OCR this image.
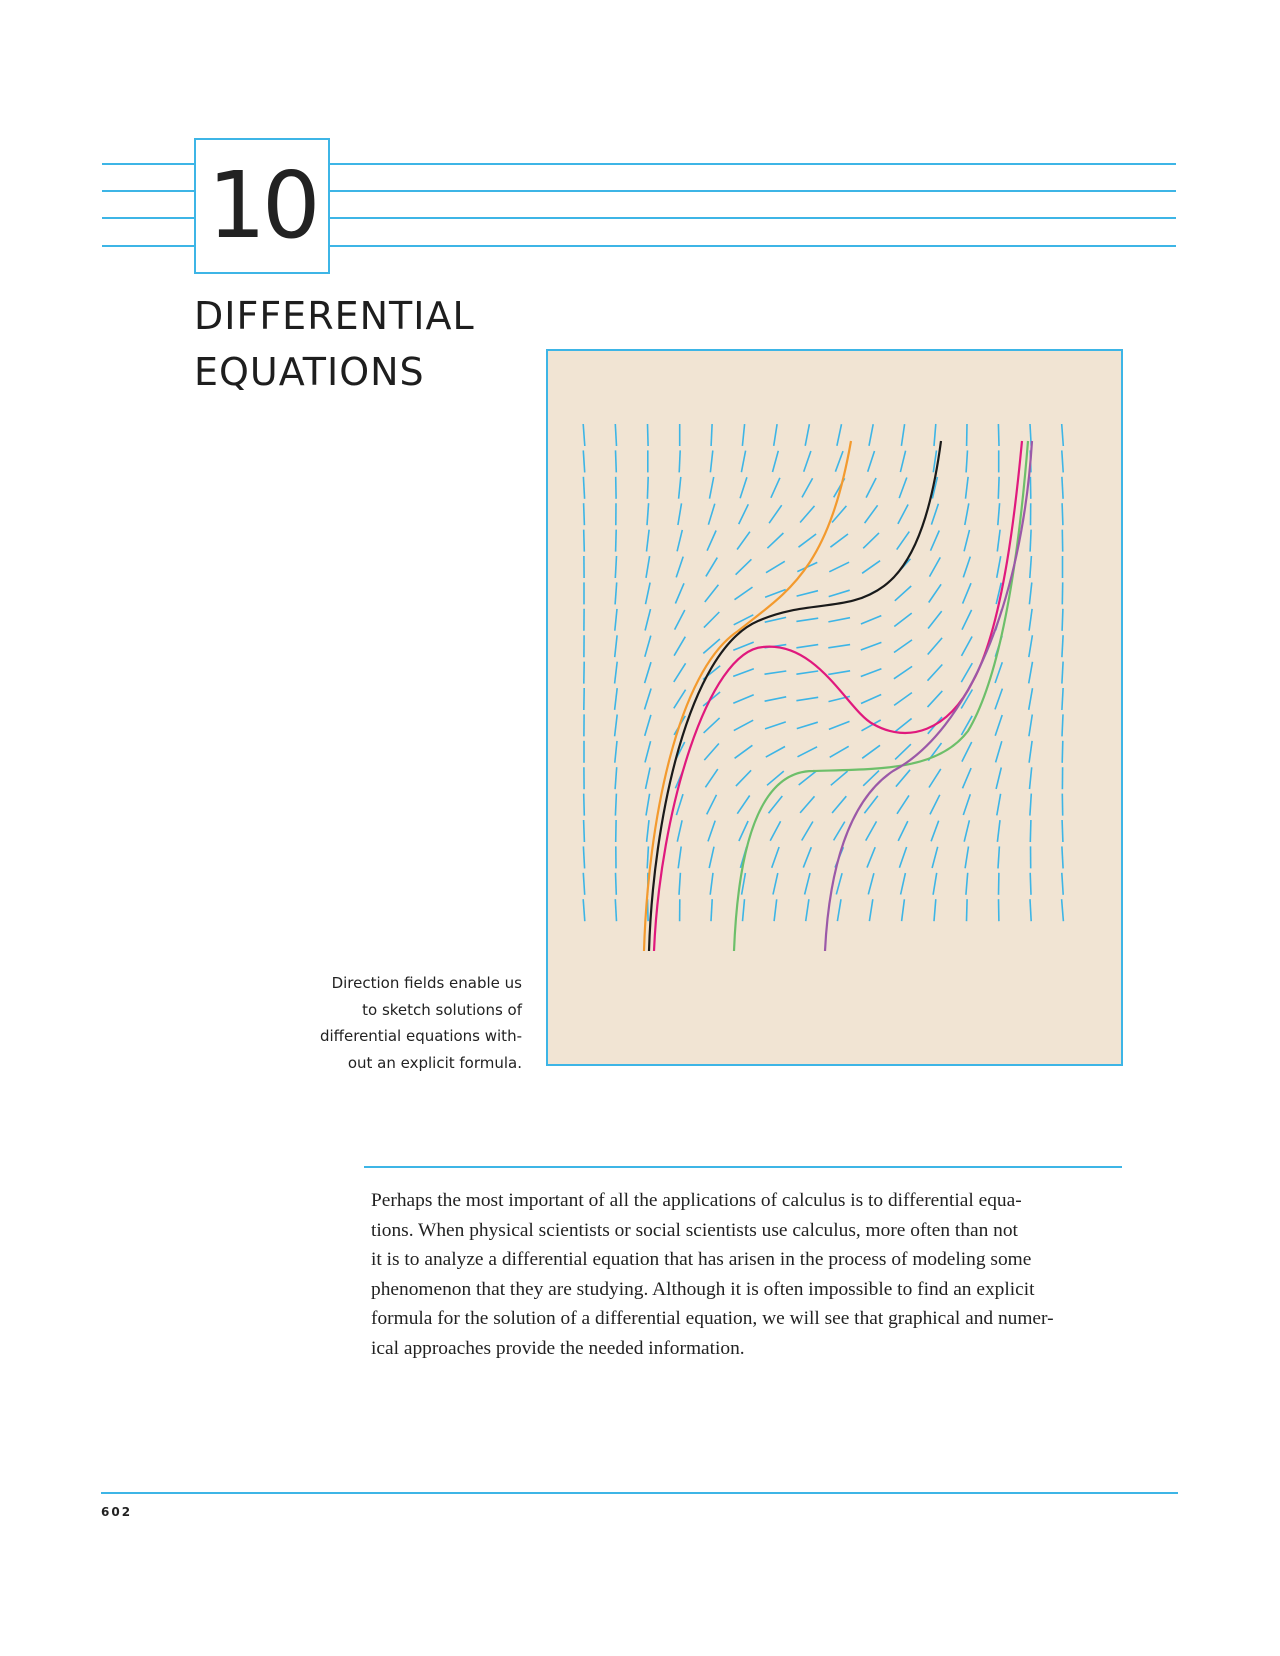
10
DIFFERENTIAL
EQUATIONS
Direction fields enable us
to sketch solutions of
differential equations with-
out an explicit formula.
Perhaps the most important of all the applications of calculus is to differential equa-
tions. When physical scientists or social scientists use calculus, more often than not
it is to analyze a differential equation that has arisen in the process of modeling some
phenomenon that they are studying. Although it is often impossible to find an explicit
formula for the solution of a differential equation, we will see that graphical and numer-
ical approaches provide the needed information.
602
